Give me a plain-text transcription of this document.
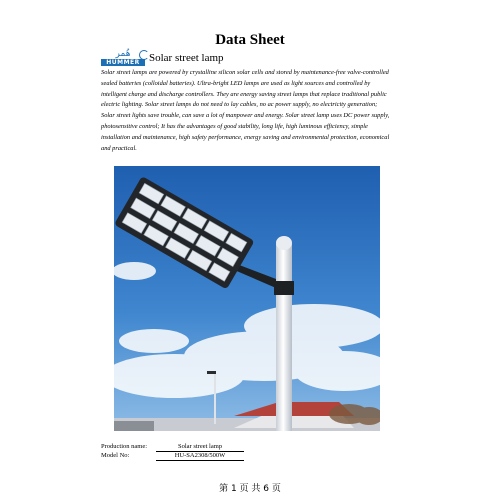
Data Sheet
هُمر
HUMMER Solar street lamp
Solar street lamps are powered by crystalline silicon solar cells and stored by maintenance-free valve-controlled sealed batteries (colloidal batteries). Ultra-bright LED lamps are used as light sources and controlled by intelligent charge and discharge controllers. They are energy saving street lamps that replace traditional public electric lighting. Solar street lamps do not need to lay cables, no ac power supply, no electricity generation; Solar street lights save trouble, can save a lot of manpower and energy. Solar street lamp uses DC power supply, photosensitive control; It has the advantages of good stability, long life, high luminous efficiency, simple installation and maintenance, high safety performance, energy saving and environmental protection, economical and practical.
Production name:	Solar street lamp
Model No:	HU-SA2308/500W
第 1 页 共 6 页
